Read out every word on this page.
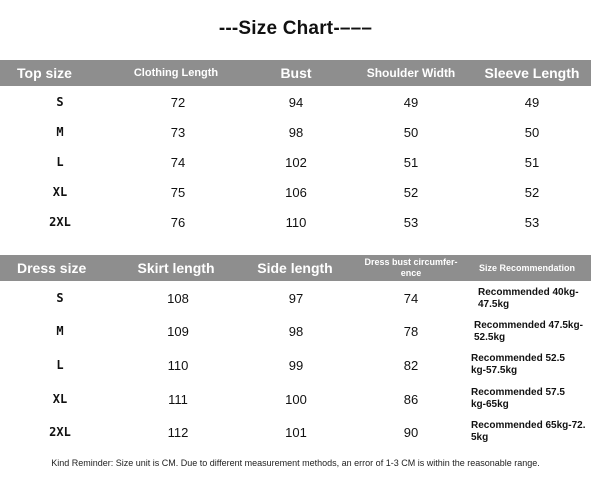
---Size Chart-–––
Top size	Clothing Length	Bust	Shoulder Width	Sleeve Length
S	72	94	49	49
M	73	98	50	50
L	74	102	51	51
XL	75	106	52	52
2XL	76	110	53	53
Dress size	Skirt length	Side length	Dress bust circumfer-
ence	Size Recommendation
S	108	97	74	Recommended 40kg-
47.5kg
M	109	98	78	Recommended 47.5kg-
52.5kg
L	110	99	82	Recommended 52.5
kg-57.5kg
XL	111	100	86	Recommended 57.5
kg-65kg
2XL	112	101	90	Recommended 65kg-72.
5kg
Kind Reminder: Size unit is CM. Due to different measurement methods, an error of 1-3 CM is within the reasonable range.
